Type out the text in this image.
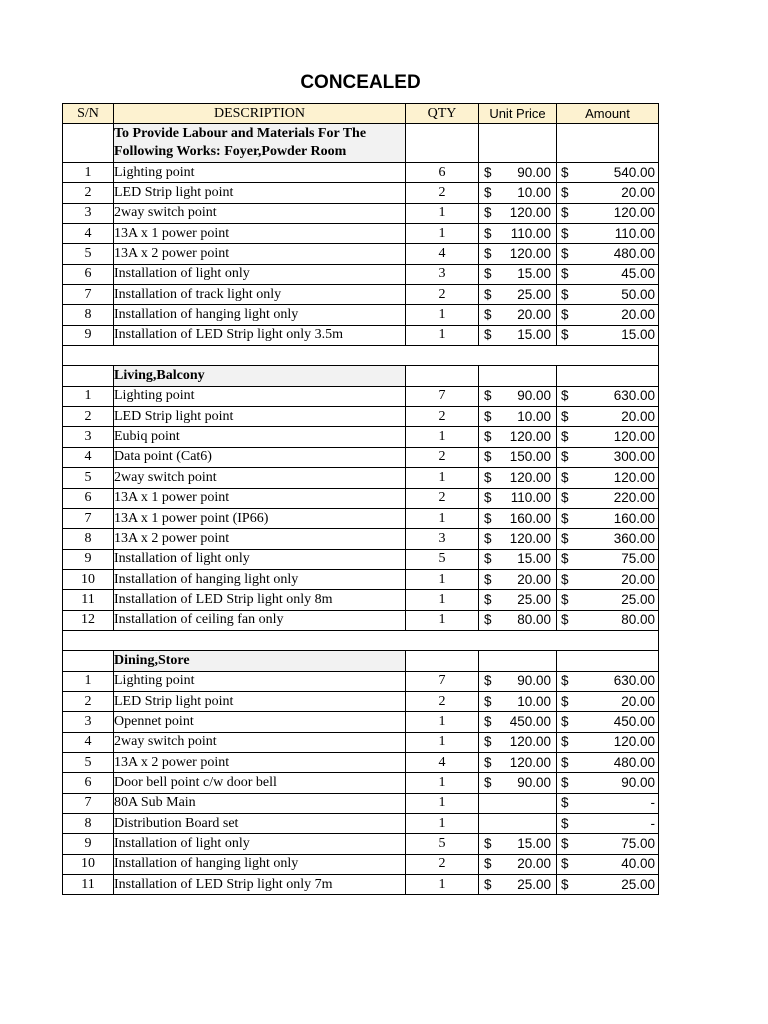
CONCEALED
S/N	DESCRIPTION	QTY	Unit Price	Amount
	To Provide Labour and Materials For The Following Works: Foyer,Powder Room			
1	Lighting point	6	$ 90.00	$ 540.00

2	LED Strip light point	2	$ 10.00	$ 20.00

3	2way switch point	1	$ 120.00	$ 120.00

4	13A x 1 power point	1	$ 110.00	$ 110.00

5	13A x 2 power point	4	$ 120.00	$ 480.00

6	Installation of light only	3	$ 15.00	$ 45.00

7	Installation of track light only	2	$ 25.00	$ 50.00

8	Installation of hanging light only	1	$ 20.00	$ 20.00

9	Installation of LED Strip light only 3.5m	1	$ 15.00	$ 15.00

	Living,Balcony			
1	Lighting point	7	$ 90.00	$ 630.00

2	LED Strip light point	2	$ 10.00	$ 20.00

3	Eubiq point	1	$ 120.00	$ 120.00

4	Data point (Cat6)	2	$ 150.00	$ 300.00

5	2way switch point	1	$ 120.00	$ 120.00

6	13A x 1 power point	2	$ 110.00	$ 220.00

7	13A x 1 power point (IP66)	1	$ 160.00	$ 160.00

8	13A x 2 power point	3	$ 120.00	$ 360.00

9	Installation of light only	5	$ 15.00	$ 75.00

10	Installation of hanging light only	1	$ 20.00	$ 20.00

11	Installation of LED Strip light only 8m	1	$ 25.00	$ 25.00

12	Installation of ceiling fan only	1	$ 80.00	$ 80.00

	Dining,Store			
1	Lighting point	7	$ 90.00	$ 630.00

2	LED Strip light point	2	$ 10.00	$ 20.00

3	Opennet point	1	$ 450.00	$ 450.00

4	2way switch point	1	$ 120.00	$ 120.00

5	13A x 2 power point	4	$ 120.00	$ 480.00

6	Door bell point c/w door bell	1	$ 90.00	$ 90.00

7	80A Sub Main	1		$ -

8	Distribution Board set	1		$ -

9	Installation of light only	5	$ 15.00	$ 75.00

10	Installation of hanging light only	2	$ 20.00	$ 40.00

11	Installation of LED Strip light only 7m	1	$ 25.00	$ 25.00
